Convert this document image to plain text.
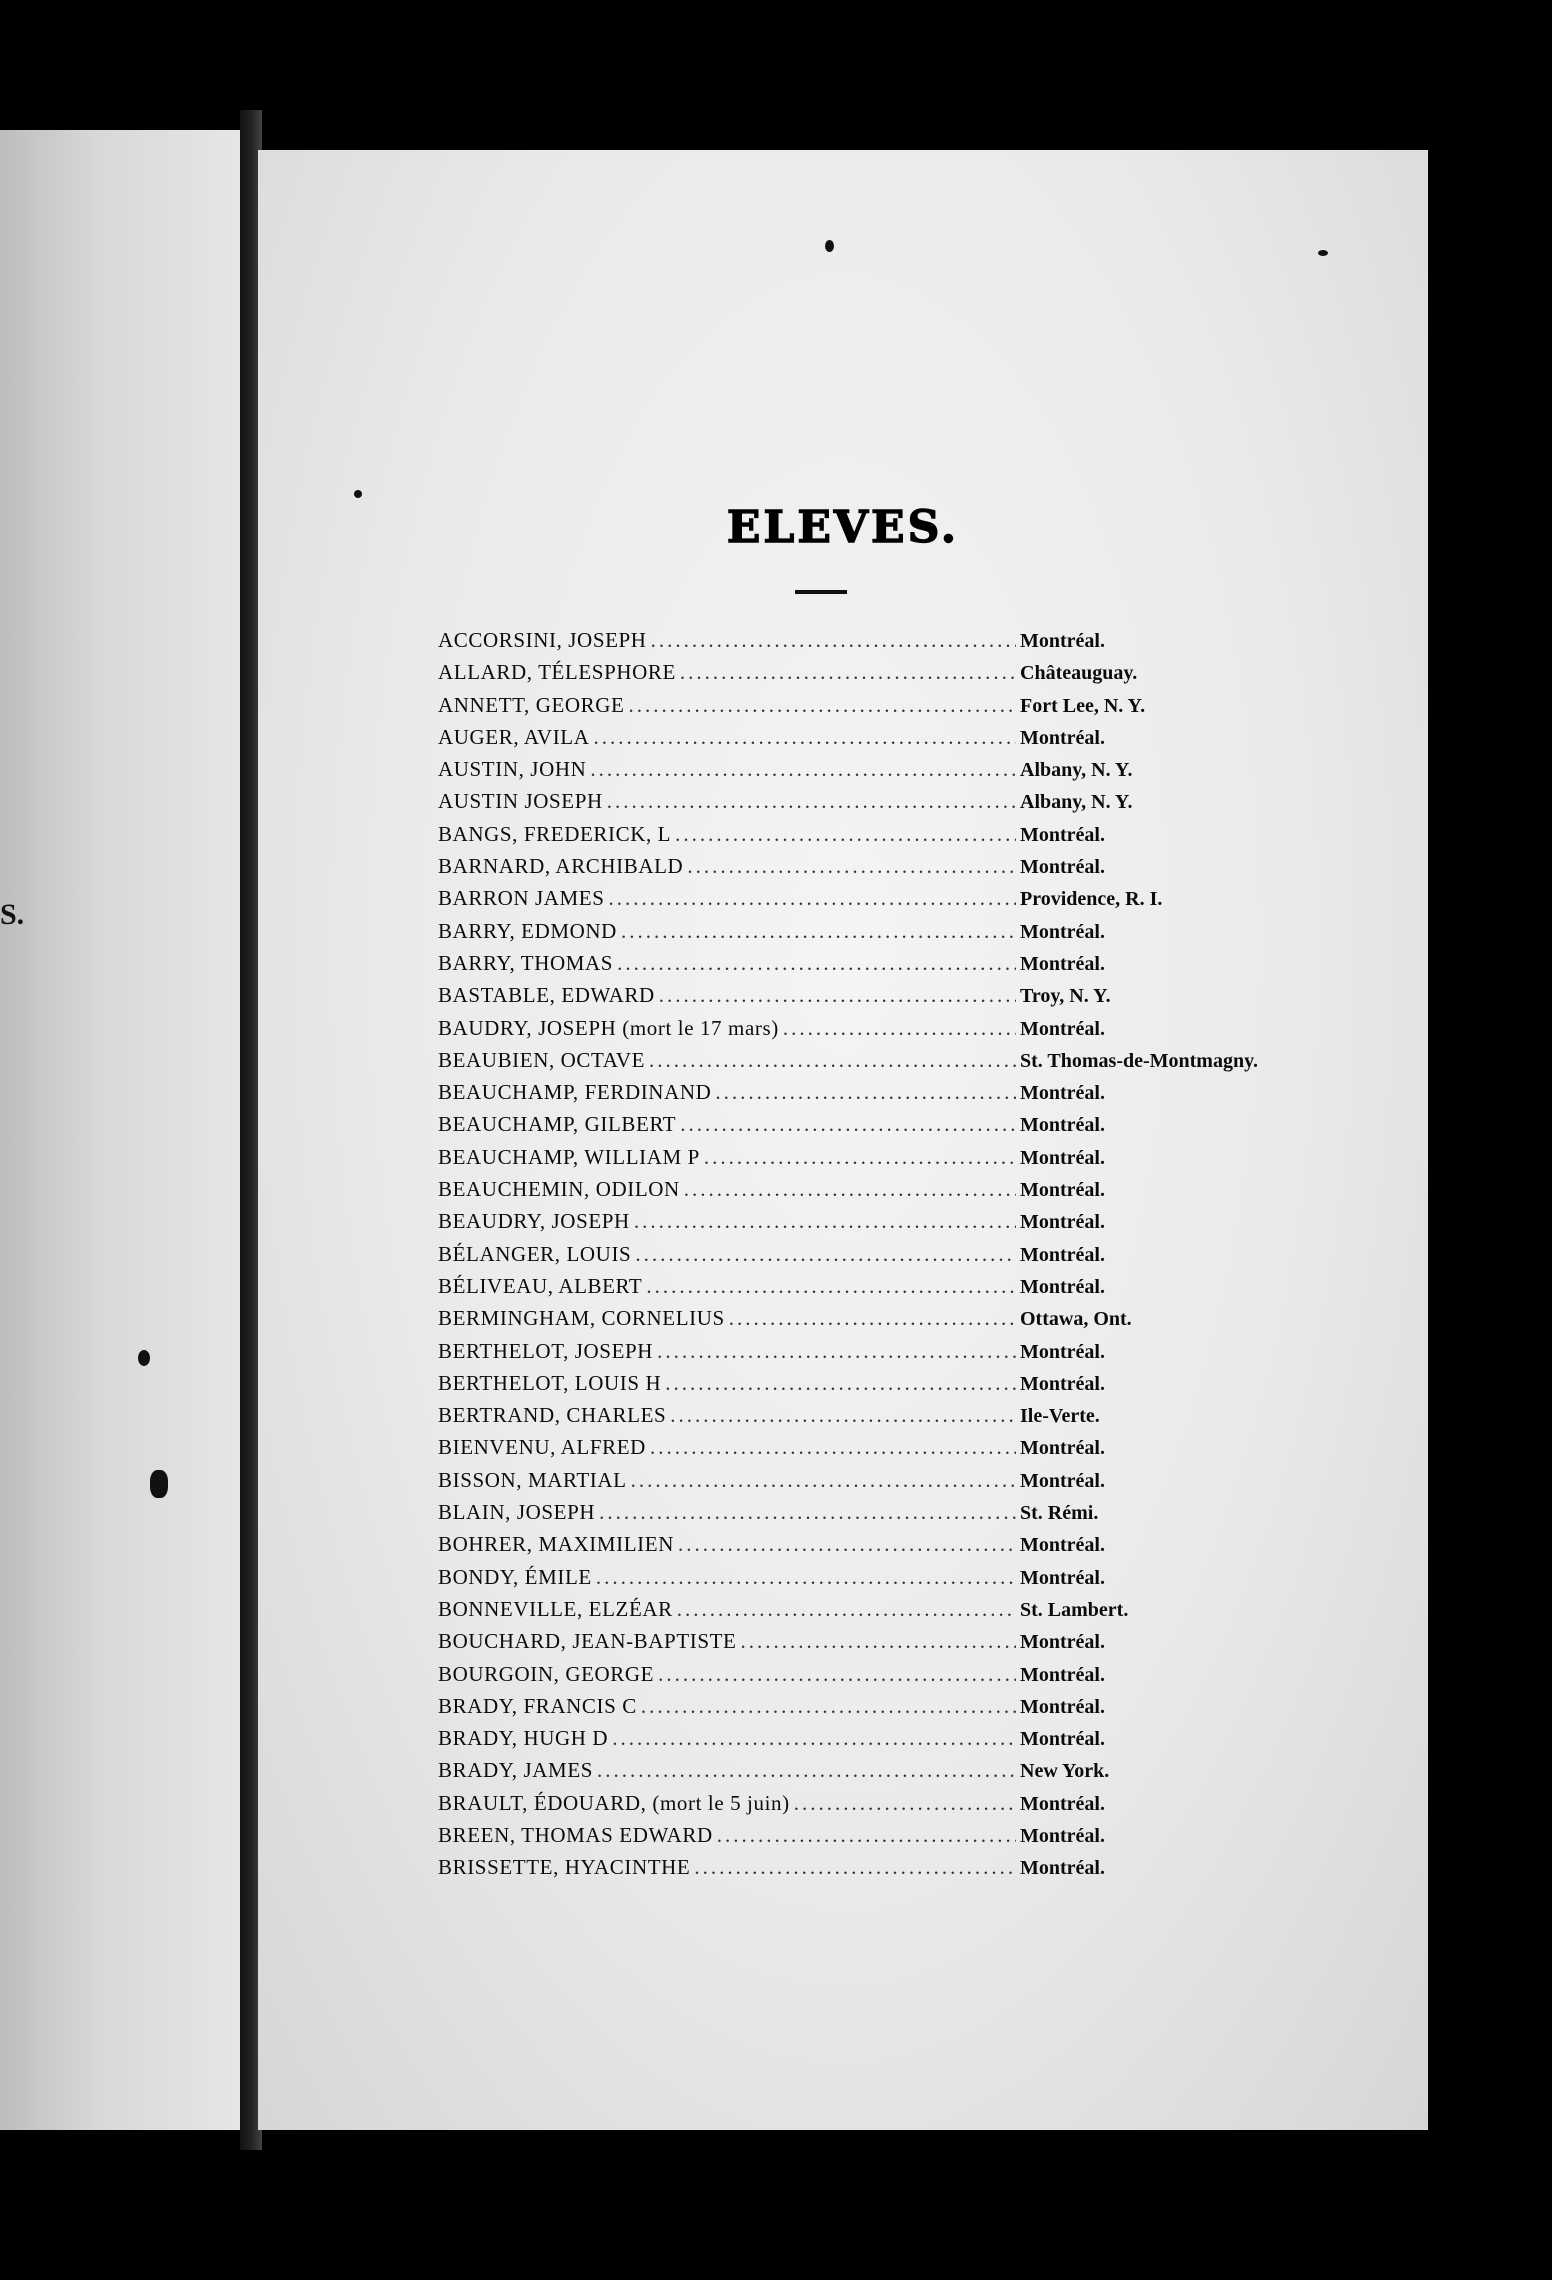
S.
ELEVES.
ACCORSINI, JOSEPH .....	Montréal.
ALLARD, TÉLESPHORE .....	Châteauguay.
ANNETT, GEORGE .....	Fort Lee, N. Y.
AUGER, AVILA .....	Montréal.
AUSTIN, JOHN .....	Albany, N. Y.
AUSTIN JOSEPH .....	Albany, N. Y.
BANGS, FREDERICK, L .....	Montréal.
BARNARD, ARCHIBALD .....	Montréal.
BARRON JAMES .....	Providence, R. I.
BARRY, EDMOND .....	Montréal.
BARRY, THOMAS .....	Montréal.
BASTABLE, EDWARD .....	Troy, N. Y.
BAUDRY, JOSEPH (mort le 17 mars) .....	Montréal.
BEAUBIEN, OCTAVE .....	St. Thomas-de-Montmagny.
BEAUCHAMP, FERDINAND .....	Montréal.
BEAUCHAMP, GILBERT .....	Montréal.
BEAUCHAMP, WILLIAM P .....	Montréal.
BEAUCHEMIN, ODILON .....	Montréal.
BEAUDRY, JOSEPH .....	Montréal.
BÉLANGER, LOUIS .....	Montréal.
BÉLIVEAU, ALBERT .....	Montréal.
BERMINGHAM, CORNELIUS .....	Ottawa, Ont.
BERTHELOT, JOSEPH .....	Montréal.
BERTHELOT, LOUIS H .....	Montréal.
BERTRAND, CHARLES .....	Ile-Verte.
BIENVENU, ALFRED .....	Montréal.
BISSON, MARTIAL .....	Montréal.
BLAIN, JOSEPH .....	St. Rémi.
BOHRER, MAXIMILIEN .....	Montréal.
BONDY, ÉMILE .....	Montréal.
BONNEVILLE, ELZÉAR .....	St. Lambert.
BOUCHARD, JEAN-BAPTISTE .....	Montréal.
BOURGOIN, GEORGE .....	Montréal.
BRADY, FRANCIS C .....	Montréal.
BRADY, HUGH D .....	Montréal.
BRADY, JAMES .....	New York.
BRAULT, ÉDOUARD, (mort le 5 juin) .....	Montréal.
BREEN, THOMAS EDWARD .....	Montréal.
BRISSETTE, HYACINTHE .....	Montréal.
